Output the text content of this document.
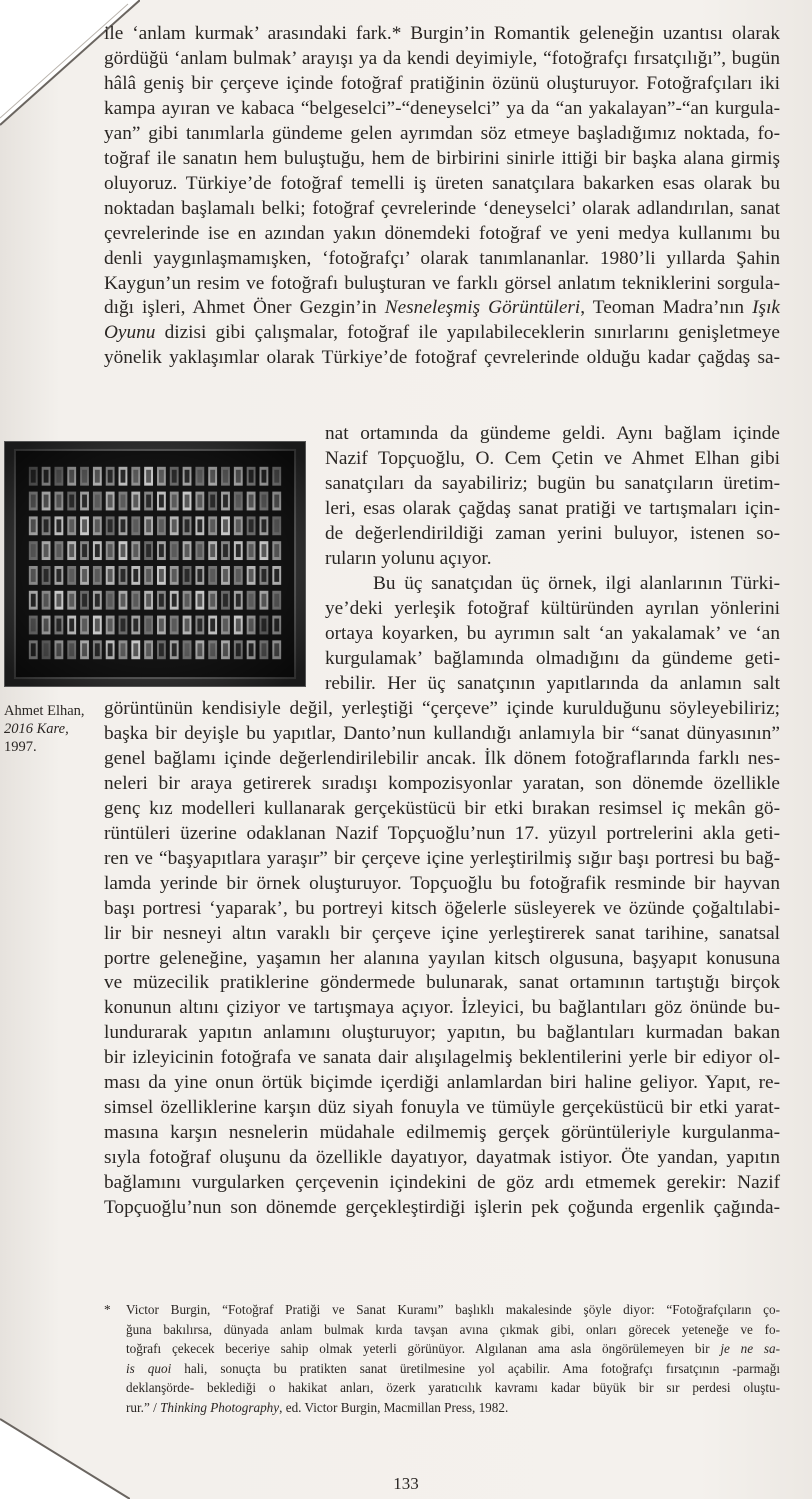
ile ‘anlam kurmak’ arasındaki fark.* Burgin’in Romantik geleneğin uzantısı olarak
gördüğü ‘anlam bulmak’ arayışı ya da kendi deyimiyle, “fotoğrafçı fırsatçılığı”, bugün
hâlâ geniş bir çerçeve içinde fotoğraf pratiğinin özünü oluşturuyor. Fotoğrafçıları iki
kampa ayıran ve kabaca “belgeselci”-“deneyselci” ya da “an yakalayan”-“an kurgula-
yan” gibi tanımlarla gündeme gelen ayrımdan söz etmeye başladığımız noktada, fo-
toğraf ile sanatın hem buluştuğu, hem de birbirini sinirle ittiği bir başka alana girmiş
oluyoruz. Türkiye’de fotoğraf temelli iş üreten sanatçılara bakarken esas olarak bu
noktadan başlamalı belki; fotoğraf çevrelerinde ‘deneyselci’ olarak adlandırılan, sanat
çevrelerinde ise en azından yakın dönemdeki fotoğraf ve yeni medya kullanımı bu
denli yaygınlaşmamışken, ‘fotoğrafçı’ olarak tanımlananlar. 1980’li yıllarda Şahin
Kaygun’un resim ve fotoğrafı buluşturan ve farklı görsel anlatım tekniklerini sorgula-
dığı işleri, Ahmet Öner Gezgin’in Nesneleşmiş Görüntüleri, Teoman Madra’nın Işık
Oyunu dizisi gibi çalışmalar, fotoğraf ile yapılabileceklerin sınırlarını genişletmeye
yönelik yaklaşımlar olarak Türkiye’de fotoğraf çevrelerinde olduğu kadar çağdaş sa-
Ahmet Elhan,
2016 Kare,
1997.
nat ortamında da gündeme geldi. Aynı bağlam içinde
Nazif Topçuoğlu, O. Cem Çetin ve Ahmet Elhan gibi
sanatçıları da sayabiliriz; bugün bu sanatçıların üretim-
leri, esas olarak çağdaş sanat pratiği ve tartışmaları için-
de değerlendirildiği zaman yerini buluyor, istenen so-
ruların yolunu açıyor.
Bu üç sanatçıdan üç örnek, ilgi alanlarının Türki-
ye’deki yerleşik fotoğraf kültüründen ayrılan yönlerini
ortaya koyarken, bu ayrımın salt ‘an yakalamak’ ve ‘an
kurgulamak’ bağlamında olmadığını da gündeme geti-
rebilir. Her üç sanatçının yapıtlarında da anlamın salt
görüntünün kendisiyle değil, yerleştiği “çerçeve” içinde kurulduğunu söyleyebiliriz;
başka bir deyişle bu yapıtlar, Danto’nun kullandığı anlamıyla bir “sanat dünyasının”
genel bağlamı içinde değerlendirilebilir ancak. İlk dönem fotoğraflarında farklı nes-
neleri bir araya getirerek sıradışı kompozisyonlar yaratan, son dönemde özellikle
genç kız modelleri kullanarak gerçeküstücü bir etki bırakan resimsel iç mekân gö-
rüntüleri üzerine odaklanan Nazif Topçuoğlu’nun 17. yüzyıl portrelerini akla geti-
ren ve “başyapıtlara yaraşır” bir çerçeve içine yerleştirilmiş sığır başı portresi bu bağ-
lamda yerinde bir örnek oluşturuyor. Topçuoğlu bu fotoğrafik resminde bir hayvan
başı portresi ‘yaparak’, bu portreyi kitsch öğelerle süsleyerek ve özünde çoğaltılabi-
lir bir nesneyi altın varaklı bir çerçeve içine yerleştirerek sanat tarihine, sanatsal
portre geleneğine, yaşamın her alanına yayılan kitsch olgusuna, başyapıt konusuna
ve müzecilik pratiklerine göndermede bulunarak, sanat ortamının tartıştığı birçok
konunun altını çiziyor ve tartışmaya açıyor. İzleyici, bu bağlantıları göz önünde bu-
lundurarak yapıtın anlamını oluşturuyor; yapıtın, bu bağlantıları kurmadan bakan
bir izleyicinin fotoğrafa ve sanata dair alışılagelmiş beklentilerini yerle bir ediyor ol-
ması da yine onun örtük biçimde içerdiği anlamlardan biri haline geliyor. Yapıt, re-
simsel özelliklerine karşın düz siyah fonuyla ve tümüyle gerçeküstücü bir etki yarat-
masına karşın nesnelerin müdahale edilmemiş gerçek görüntüleriyle kurgulanma-
sıyla fotoğraf oluşunu da özellikle dayatıyor, dayatmak istiyor. Öte yandan, yapıtın
bağlamını vurgularken çerçevenin içindekini de göz ardı etmemek gerekir: Nazif
Topçuoğlu’nun son dönemde gerçekleştirdiği işlerin pek çoğunda ergenlik çağında-
* Victor Burgin, “Fotoğraf Pratiği ve Sanat Kuramı” başlıklı makalesinde şöyle diyor: “Fotoğrafçıların ço-
ğuna bakılırsa, dünyada anlam bulmak kırda tavşan avına çıkmak gibi, onları görecek yeteneğe ve fo-
toğrafı çekecek beceriye sahip olmak yeterli görünüyor. Algılanan ama asla öngörülemeyen bir je ne sa-
is quoi hali, sonuçta bu pratikten sanat üretilmesine yol açabilir. Ama fotoğrafçı fırsatçının -parmağı
deklanşörde- beklediği o hakikat anları, özerk yaratıcılık kavramı kadar büyük bir sır perdesi oluştu-
rur.” / Thinking Photography, ed. Victor Burgin, Macmillan Press, 1982.
133
